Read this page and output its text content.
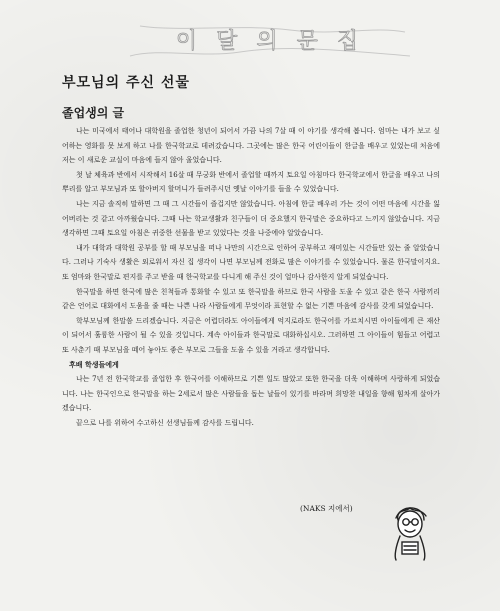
이 달 의 문 집
부모님의 주신 선물
졸업생의 글

나는 미국에서 태어나 대학원을 졸업한 청년이 되어서 가끔 나의 7살 때 이 야기를 생각해 봅니다. 엄마는 내가 보고 싶어하는 영화를 못 보게 하고 나를 한국학교로 데려갔습니다. 그곳에는 많은 한국 어린이들이 한글을 배우고 있었는데 처음에 저는 이 새로운 교실이 마음에 들지 않아 울었습니다.

첫 날 체육과 반에서 시작해서 16살 때 무궁화 반에서 졸업할 때까지 토요일 아침마다 한국학교에서 한글을 배우고 나의 뿌리를 알고 부모님과 또 할아버지 할머니가 들려주시던 옛날 이야기를 들을 수 있었습니다.

나는 지금 솔직히 말하면 그 때 그 시간들이 즐겁지만 않았습니다. 아침에 한글 배우러 가는 것이 어떤 마음에 시간을 잃어버리는 것 같고 아까웠습니다. 그때 나는 학교생활과 친구들이 더 중요했지 한국말은 중요하다고 느끼지 않았습니다. 지금 생각하면 그때 토요일 아침은 귀중한 선물을 받고 있었다는 것을 나중에야 알았습니다.

내가 대학과 대학원 공부를 할 때 부모님을 떠나 나만의 시간으로 인하여 공부하고 재미있는 시간들만 있는 줄 알았습니다. 그러나 기숙사 생활은 외로워서 자신 집 생각이 나면 부모님께 전화로 많은 이야기를 수 있었습니다. 물론 한국말이지요. 또 엄마와 한국말로 편지를 주고 받을 때 한국학교를 다니게 해 주신 것이 얼마나 감사한지 알게 되었습니다.

한국말을 하면 한국에 많은 친척들과 통화할 수 있고 또 한국말을 하므로 한국 사람을 도울 수 있고 같은 한국 사람끼리 같은 언어로 대화에서 도움을 줄 때는 나쁜 나라 사람들에게 무엇이라 표현할 수 없는 기쁜 마음에 감사를 갖게 되었습니다.

학부모님께 한말씀 드리겠습니다. 지금은 어렵더라도 아이들에게 억지로라도 한국어를 가르치시면 아이들에게 큰 재산이 되어서 훌륭한 사람이 될 수 있을 것입니다. 계속 아이들과 한국말로 대화하십시오. 그러하면 그 아이들이 힘들고 어렵고 또 사춘기 때 부모님을 떼어 놓아도 좋은 부모로 그들을 도울 수 있을 거라고 생각합니다.

후배 학생들에게

나는 7년 전 한국학교를 졸업한 후 한국어를 이해하므로 기쁜 일도 많았고 또한 한국을 더욱 이해하며 사랑하게 되었습니다. 나는 한국인으로 한국말을 하는 2세로서 많은 사람들을 돕는 날들이 있기를 바라며 희망찬 내일을 향해 힘차게 살아가겠습니다.

끝으로 나를 위하여 수고하신 선생님들께 감사를 드립니다.

(NAKS 지에서)
